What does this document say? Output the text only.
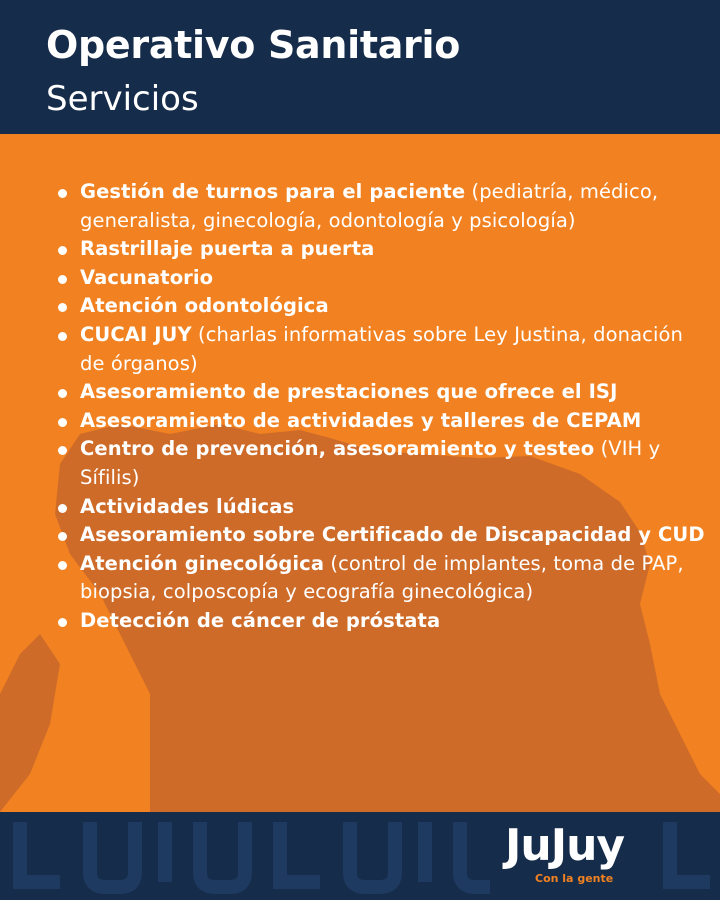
Operativo Sanitario
Servicios
Gestión de turnos para el paciente (pediatría, médico, generalista, ginecología, odontología y psicología)
Rastrillaje puerta a puerta
Vacunatorio
Atención odontológica
CUCAI JUY (charlas informativas sobre Ley Justina, donación de órganos)
Asesoramiento de prestaciones que ofrece el ISJ
Asesoramiento de actividades y talleres de CEPAM
Centro de prevención, asesoramiento y testeo (VIH y Sífilis)
Actividades lúdicas
Asesoramiento sobre Certificado de Discapacidad y CUD
Atención ginecológica (control de implantes, toma de PAP, biopsia, colposcopía y ecografía ginecológica)
Detección de cáncer de próstata
JuJuy
Con la gente
